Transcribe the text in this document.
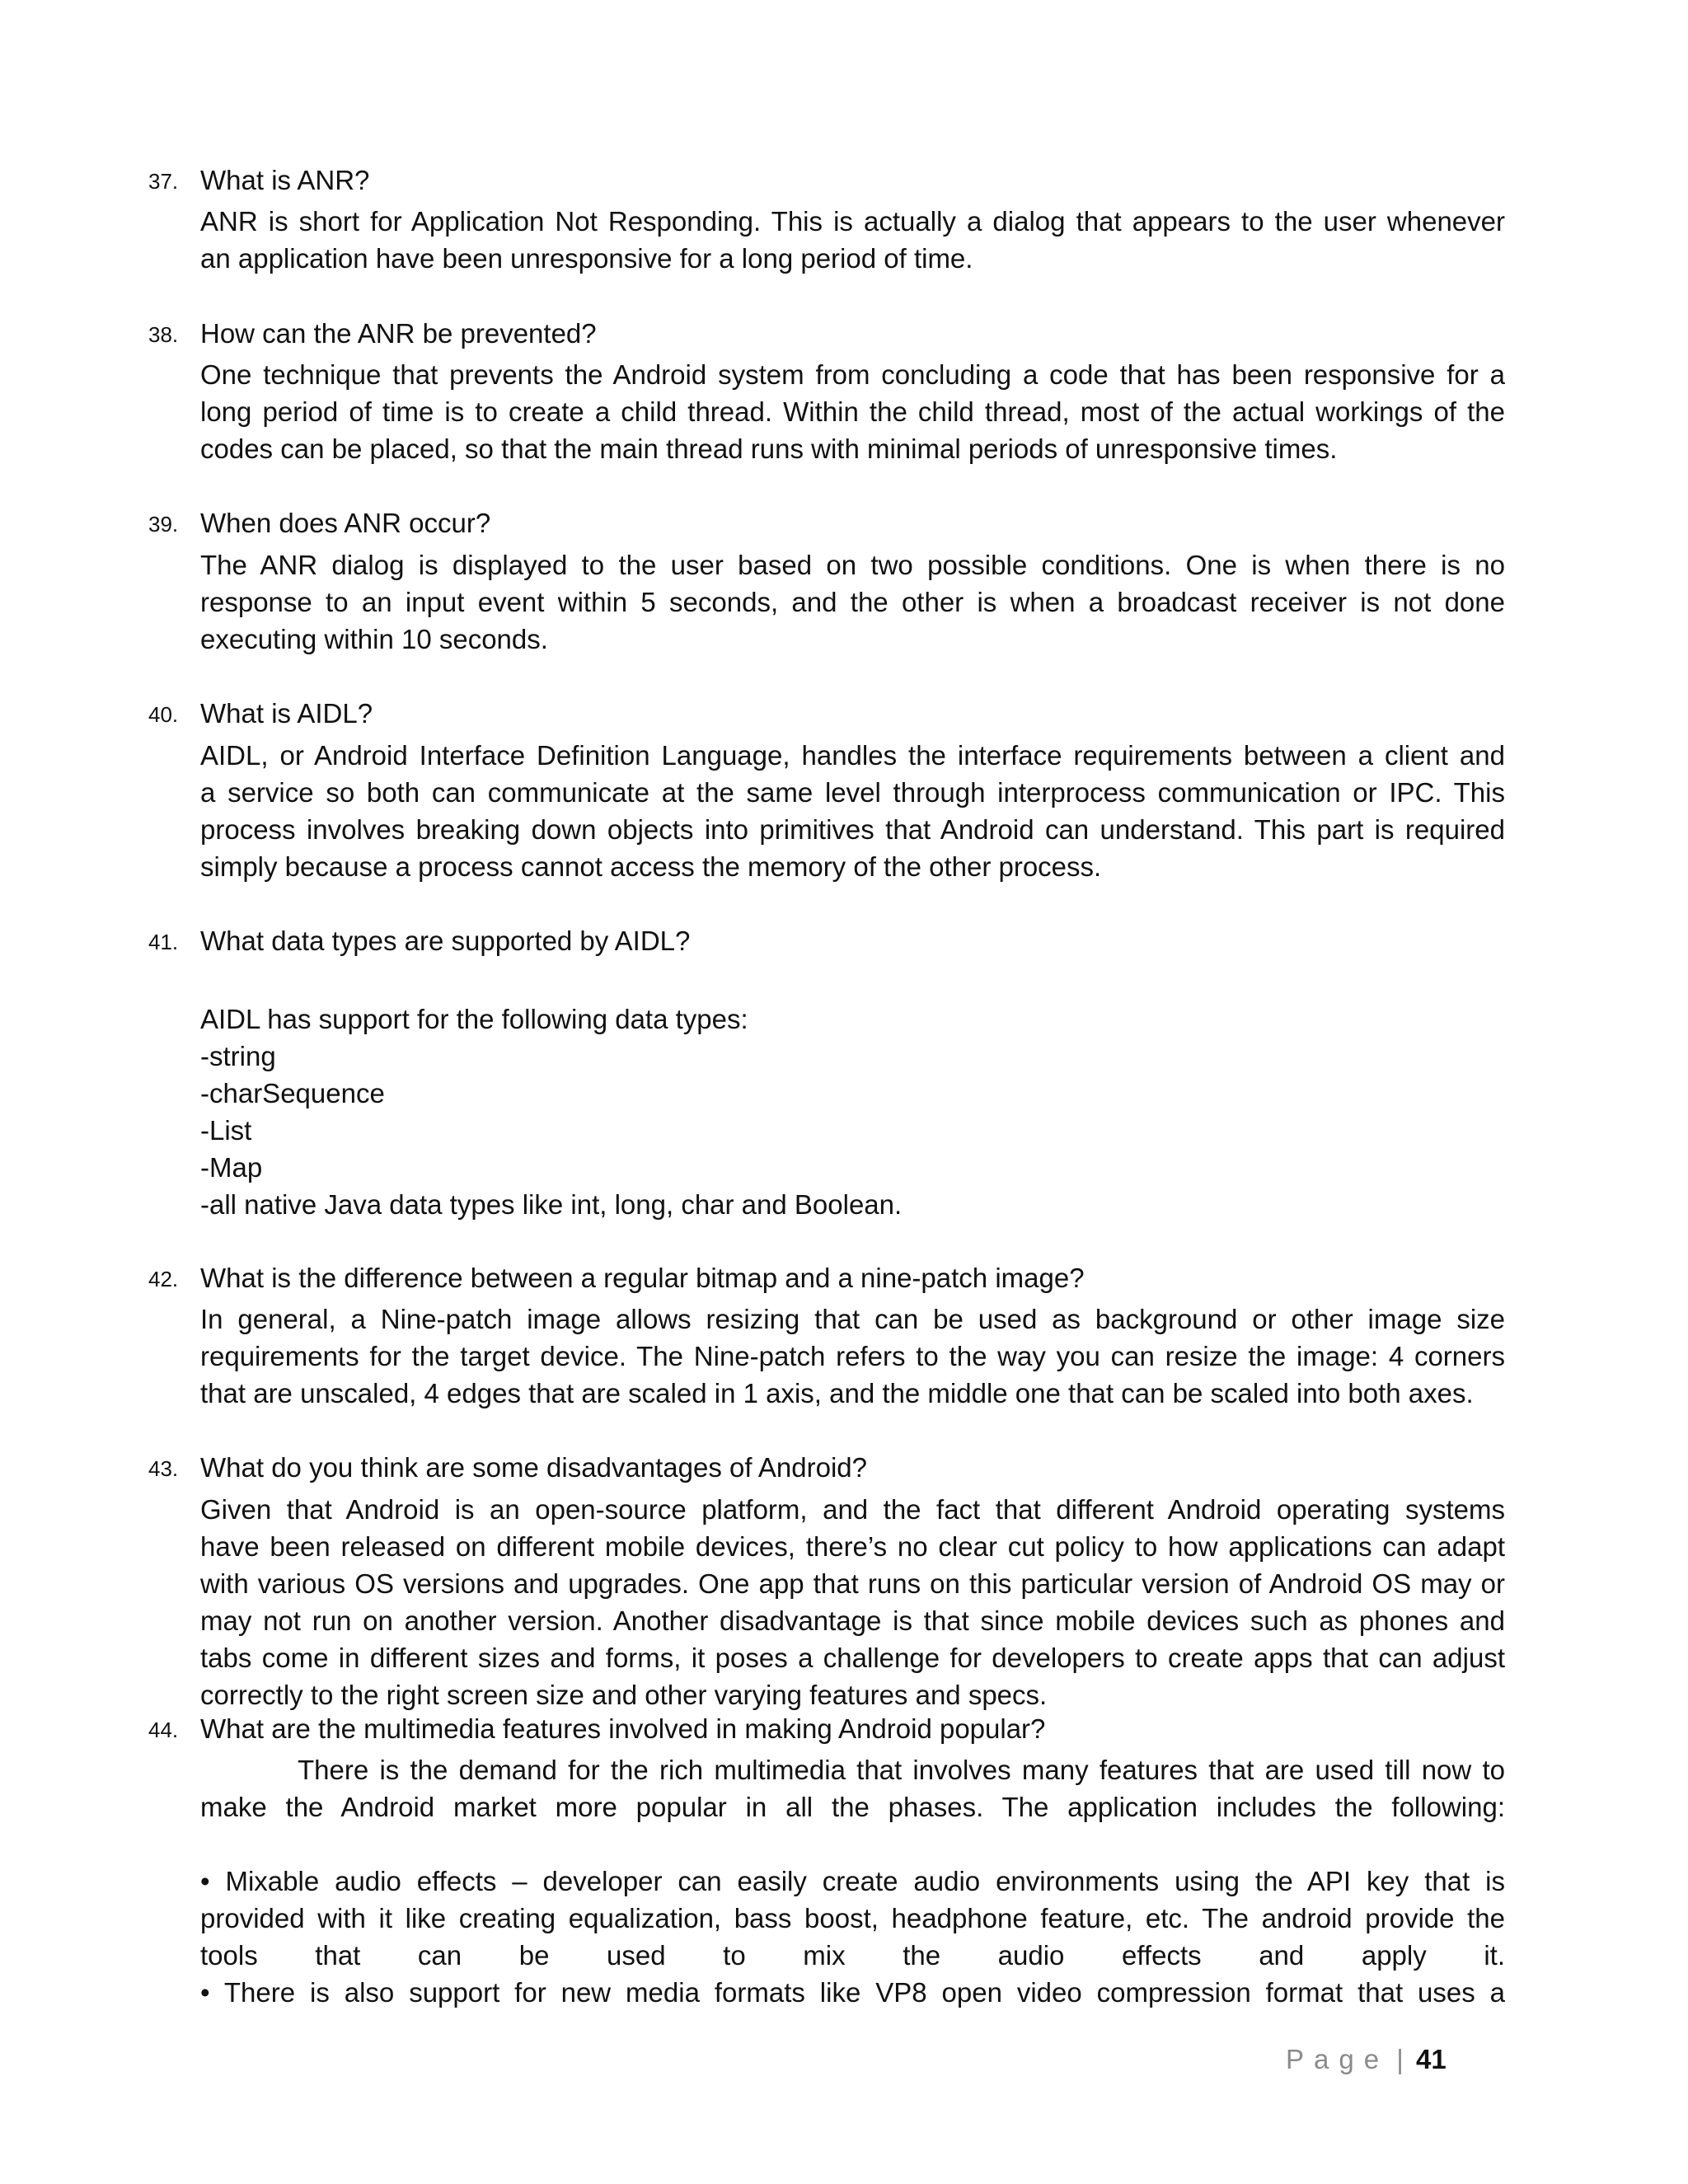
37. What is ANR?
ANR is short for Application Not Responding. This is actually a dialog that appears to the user whenever
an application have been unresponsive for a long period of time.
38. How can the ANR be prevented?
One technique that prevents the Android system from concluding a code that has been responsive for a
long period of time is to create a child thread. Within the child thread, most of the actual workings of the
codes can be placed, so that the main thread runs with minimal periods of unresponsive times.
39. When does ANR occur?
The ANR dialog is displayed to the user based on two possible conditions. One is when there is no
response to an input event within 5 seconds, and the other is when a broadcast receiver is not done
executing within 10 seconds.
40. What is AIDL?
AIDL, or Android Interface Definition Language, handles the interface requirements between a client and
a service so both can communicate at the same level through interprocess communication or IPC. This
process involves breaking down objects into primitives that Android can understand. This part is required
simply because a process cannot access the memory of the other process.
41. What data types are supported by AIDL?
AIDL has support for the following data types:
-string
-charSequence
-List
-Map
-all native Java data types like int, long, char and Boolean.
42. What is the difference between a regular bitmap and a nine-patch image?
In general, a Nine-patch image allows resizing that can be used as background or other image size
requirements for the target device. The Nine-patch refers to the way you can resize the image: 4 corners
that are unscaled, 4 edges that are scaled in 1 axis, and the middle one that can be scaled into both axes.
43. What do you think are some disadvantages of Android?
Given that Android is an open-source platform, and the fact that different Android operating systems
have been released on different mobile devices, there’s no clear cut policy to how applications can adapt
with various OS versions and upgrades. One app that runs on this particular version of Android OS may or
may not run on another version. Another disadvantage is that since mobile devices such as phones and
tabs come in different sizes and forms, it poses a challenge for developers to create apps that can adjust
correctly to the right screen size and other varying features and specs.
44. What are the multimedia features involved in making Android popular?
There is the demand for the rich multimedia that involves many features that are used till now to
make the Android market more popular in all the phases. The application includes the following:
• Mixable audio effects – developer can easily create audio environments using the API key that is
provided with it like creating equalization, bass boost, headphone feature, etc. The android provide the
tools that can be used to mix the audio effects and apply it.
• There is also support for new media formats like VP8 open video compression format that uses a
Page | 41
